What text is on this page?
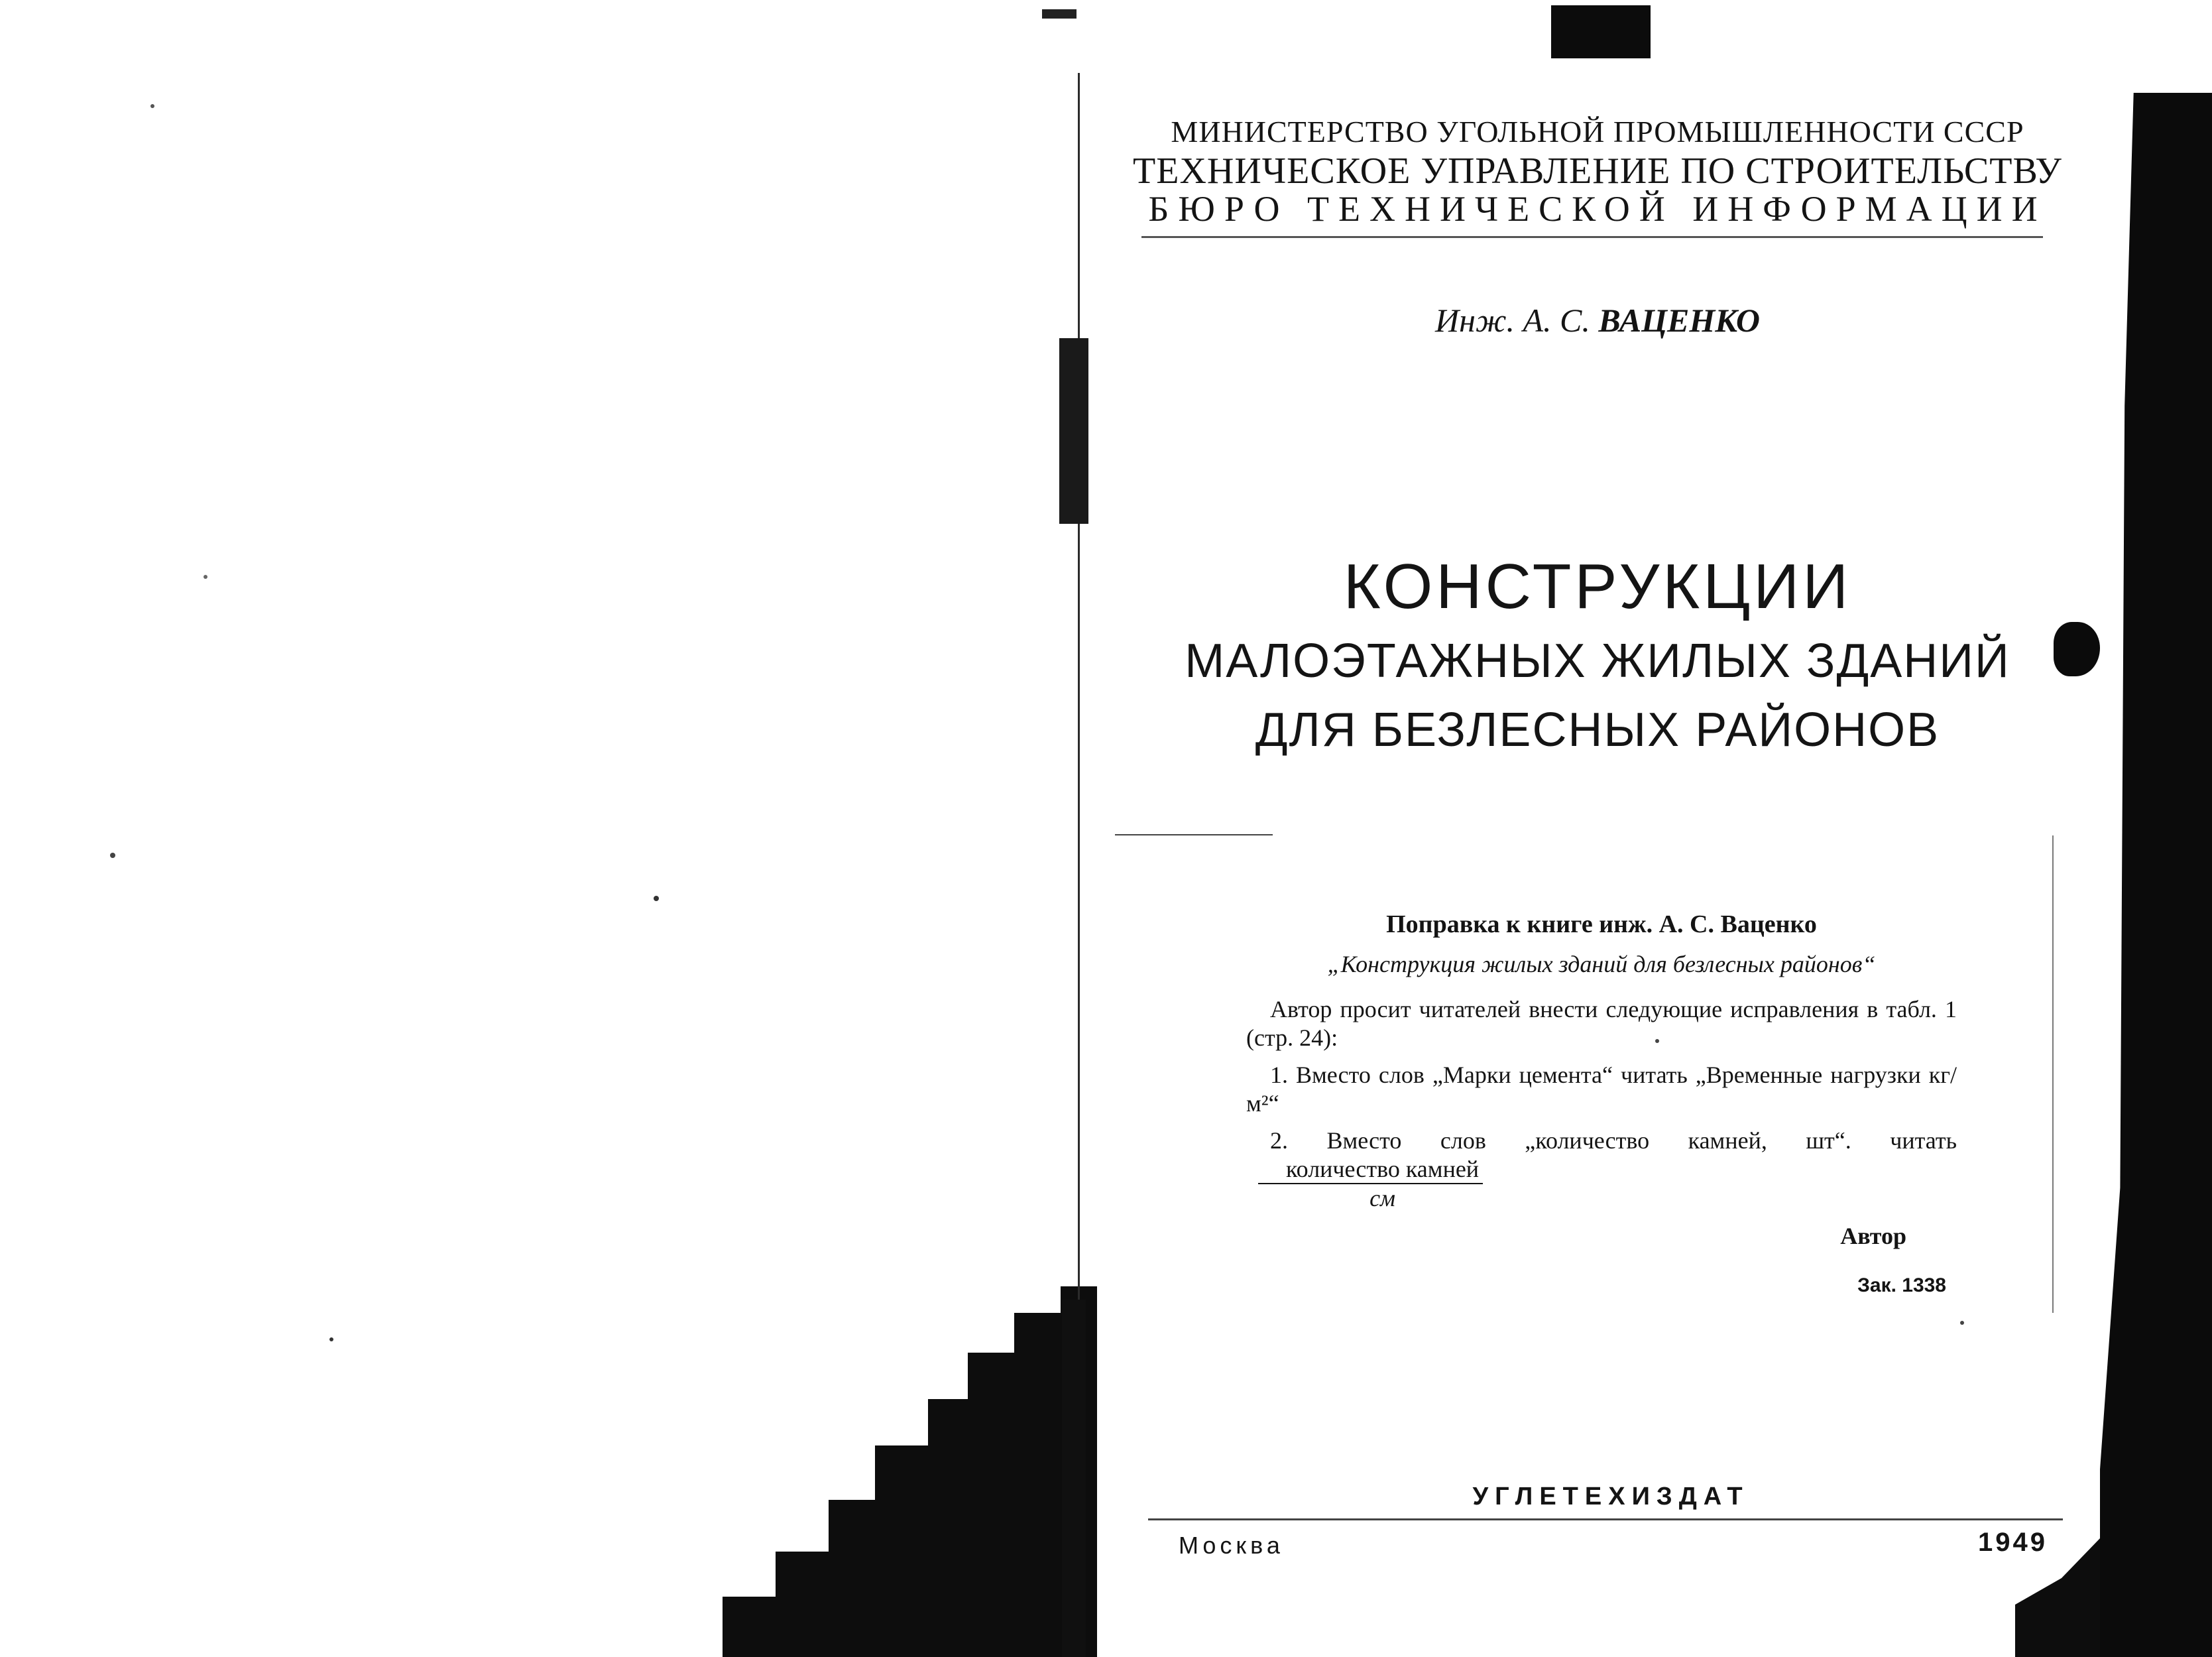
МИНИСТЕРСТВО УГОЛЬНОЙ ПРОМЫШЛЕННОСТИ СССР
ТЕХНИЧЕСКОЕ УПРАВЛЕНИЕ ПО СТРОИТЕЛЬСТВУ
БЮРО ТЕХНИЧЕСКОЙ ИНФОРМАЦИИ
Инж. А. С. ВАЦЕНКО
КОНСТРУКЦИИ
МАЛОЭТАЖНЫХ ЖИЛЫХ ЗДАНИЙ
ДЛЯ БЕЗЛЕСНЫХ РАЙОНОВ
Поправка к книге инж. А. С. Ваценко
„Конструкция жилых зданий для безлесных районов“

Автор просит читателей внести следующие исправления в табл. 1 (стр. 24):

1. Вместо слов „Марки цемента“ читать „Временные нагрузки кг/м²“

2. Вместо слов „количество камней, шт“. читать
$\frac{\text{количество камней}}{см}$

Автор
Зак. 1338
УГЛЕТЕХИЗДАТ
Москва	1949
